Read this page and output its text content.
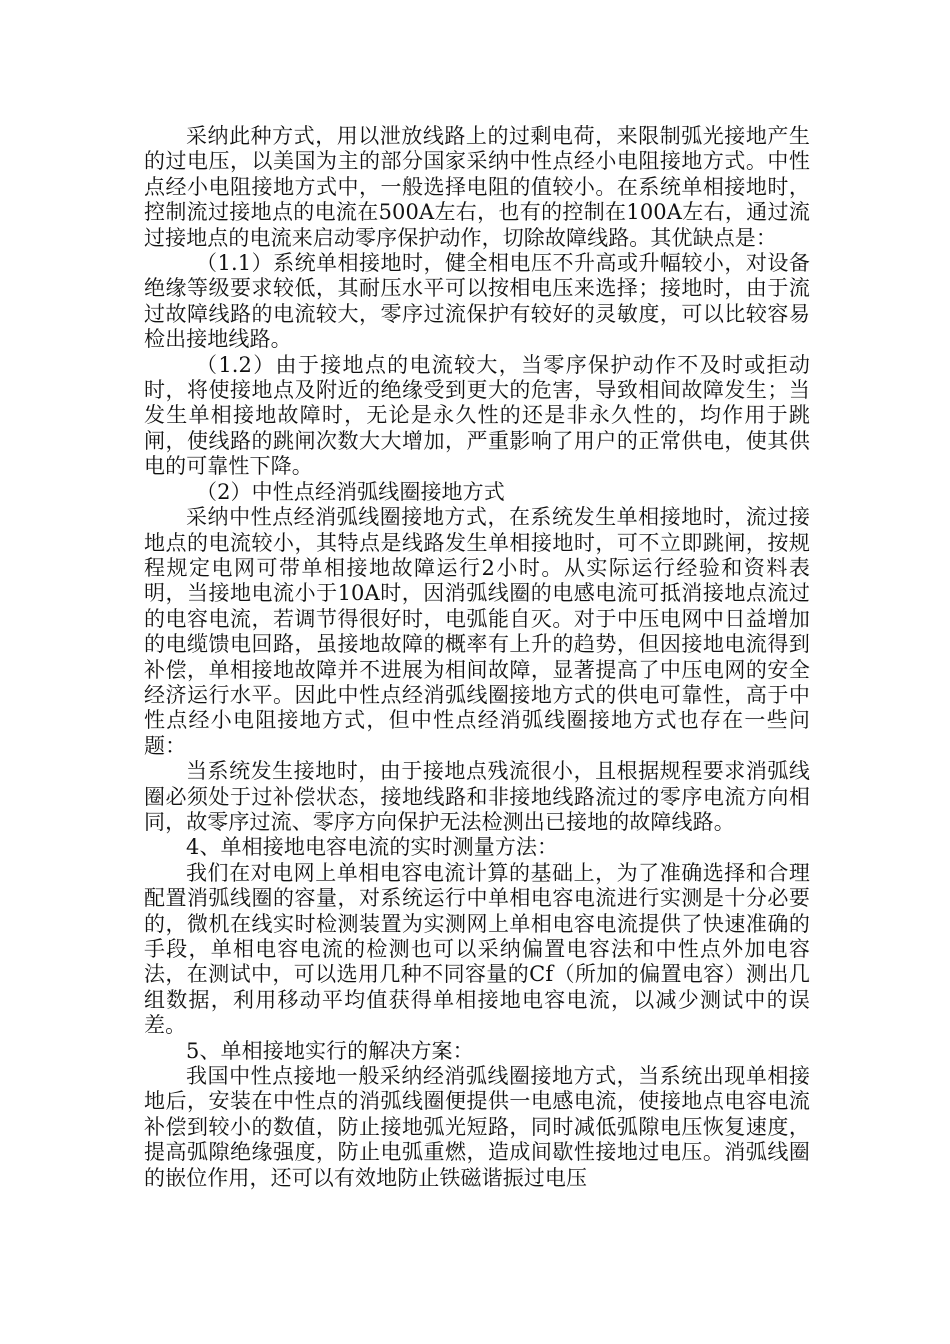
采纳此种方式，用以泄放线路上的过剩电荷，来限制弧光接地产生的过电压，以美国为主的部分国家采纳中性点经小电阻接地方式。中性点经小电阻接地方式中，一般选择电阻的值较小。在系统单相接地时，控制流过接地点的电流在500A左右，也有的控制在100A左右，通过流过接地点的电流来启动零序保护动作，切除故障线路。其优缺点是：

（1.1）系统单相接地时，健全相电压不升高或升幅较小，对设备绝缘等级要求较低，其耐压水平可以按相电压来选择；接地时，由于流过故障线路的电流较大，零序过流保护有较好的灵敏度，可以比较容易检出接地线路。

（1.2）由于接地点的电流较大，当零序保护动作不及时或拒动时，将使接地点及附近的绝缘受到更大的危害，导致相间故障发生；当发生单相接地故障时，无论是永久性的还是非永久性的，均作用于跳闸，使线路的跳闸次数大大增加，严重影响了用户的正常供电，使其供电的可靠性下降。

（2）中性点经消弧线圈接地方式

采纳中性点经消弧线圈接地方式，在系统发生单相接地时，流过接地点的电流较小，其特点是线路发生单相接地时，可不立即跳闸，按规程规定电网可带单相接地故障运行2小时。从实际运行经验和资料表明，当接地电流小于10A时，因消弧线圈的电感电流可抵消接地点流过的电容电流，若调节得很好时，电弧能自灭。对于中压电网中日益增加的电缆馈电回路，虽接地故障的概率有上升的趋势，但因接地电流得到补偿，单相接地故障并不进展为相间故障，显著提高了中压电网的安全经济运行水平。因此中性点经消弧线圈接地方式的供电可靠性，高于中性点经小电阻接地方式，但中性点经消弧线圈接地方式也存在一些问题：

当系统发生接地时，由于接地点残流很小，且根据规程要求消弧线圈必须处于过补偿状态，接地线路和非接地线路流过的零序电流方向相同，故零序过流、零序方向保护无法检测出已接地的故障线路。

4、单相接地电容电流的实时测量方法：

我们在对电网上单相电容电流计算的基础上，为了准确选择和合理配置消弧线圈的容量，对系统运行中单相电容电流进行实测是十分必要的，微机在线实时检测装置为实测网上单相电容电流提供了快速准确的手段，单相电容电流的检测也可以采纳偏置电容法和中性点外加电容法，在测试中，可以选用几种不同容量的Cf（所加的偏置电容）测出几组数据，利用移动平均值获得单相接地电容电流，以减少测试中的误差。

5、单相接地实行的解决方案：

我国中性点接地一般采纳经消弧线圈接地方式，当系统出现单相接地后，安装在中性点的消弧线圈便提供一电感电流，使接地点电容电流补偿到较小的数值，防止接地弧光短路，同时减低弧隙电压恢复速度，提高弧隙绝缘强度，防止电弧重燃，造成间歇性接地过电压。消弧线圈的嵌位作用，还可以有效地防止铁磁谐振过电压
